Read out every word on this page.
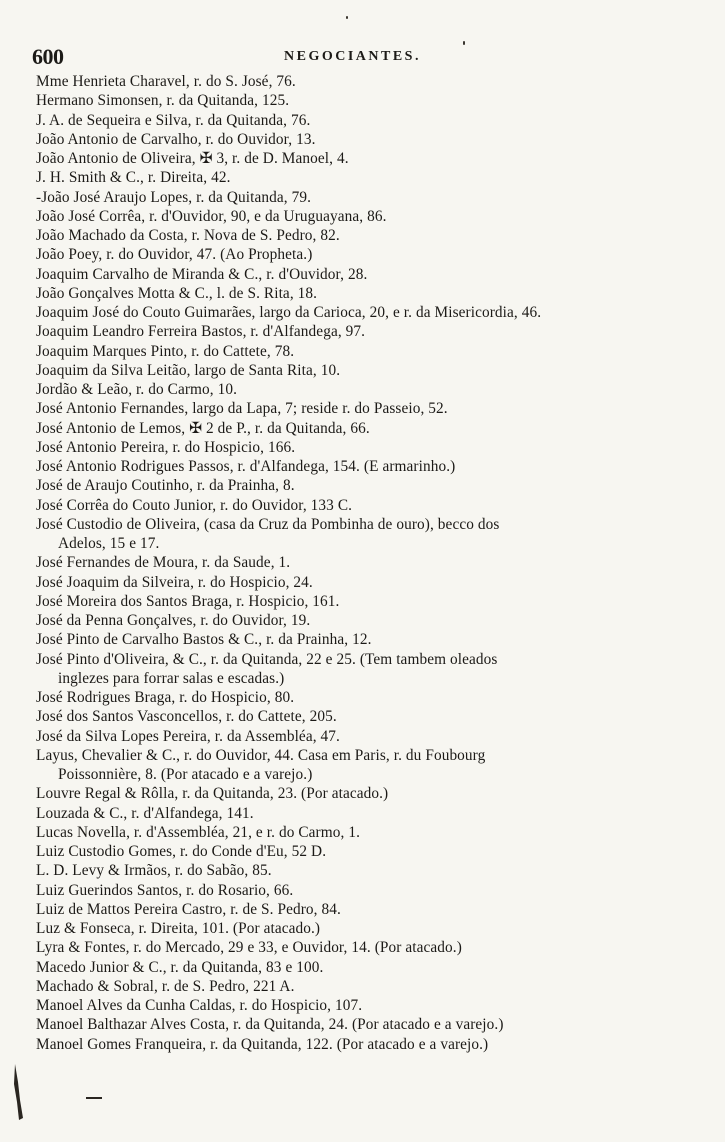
600	NEGOCIANTES.
Mme Henrieta Charavel, r. do S. José, 76.
Hermano Simonsen, r. da Quitanda, 125.
J. A. de Sequeira e Silva, r. da Quitanda, 76.
João Antonio de Carvalho, r. do Ouvidor, 13.
João Antonio de Oliveira, ✠ 3, r. de D. Manoel, 4.
J. H. Smith & C., r. Direita, 42.
-João José Araujo Lopes, r. da Quitanda, 79.
João José Corrêa, r. d'Ouvidor, 90, e da Uruguayana, 86.
João Machado da Costa, r. Nova de S. Pedro, 82.
João Poey, r. do Ouvidor, 47. (Ao Propheta.)
Joaquim Carvalho de Miranda & C., r. d'Ouvidor, 28.
João Gonçalves Motta & C., l. de S. Rita, 18.
Joaquim José do Couto Guimarães, largo da Carioca, 20, e r. da Misericordia, 46.
Joaquim Leandro Ferreira Bastos, r. d'Alfandega, 97.
Joaquim Marques Pinto, r. do Cattete, 78.
Joaquim da Silva Leitão, largo de Santa Rita, 10.
Jordão & Leão, r. do Carmo, 10.
José Antonio Fernandes, largo da Lapa, 7; reside r. do Passeio, 52.
José Antonio de Lemos, ✠ 2 de P., r. da Quitanda, 66.
José Antonio Pereira, r. do Hospicio, 166.
José Antonio Rodrigues Passos, r. d'Alfandega, 154. (E armarinho.)
José de Araujo Coutinho, r. da Prainha, 8.
José Corrêa do Couto Junior, r. do Ouvidor, 133 C.
José Custodio de Oliveira, (casa da Cruz da Pombinha de ouro), becco dos
Adelos, 15 e 17.
José Fernandes de Moura, r. da Saude, 1.
José Joaquim da Silveira, r. do Hospicio, 24.
José Moreira dos Santos Braga, r. Hospicio, 161.
José da Penna Gonçalves, r. do Ouvidor, 19.
José Pinto de Carvalho Bastos & C., r. da Prainha, 12.
José Pinto d'Oliveira, & C., r. da Quitanda, 22 e 25. (Tem tambem oleados
inglezes para forrar salas e escadas.)
José Rodrigues Braga, r. do Hospicio, 80.
José dos Santos Vasconcellos, r. do Cattete, 205.
José da Silva Lopes Pereira, r. da Assembléa, 47.
Layus, Chevalier & C., r. do Ouvidor, 44. Casa em Paris, r. du Foubourg
Poissonnière, 8. (Por atacado e a varejo.)
Louvre Regal & Rôlla, r. da Quitanda, 23. (Por atacado.)
Louzada & C., r. d'Alfandega, 141.
Lucas Novella, r. d'Assembléa, 21, e r. do Carmo, 1.
Luiz Custodio Gomes, r. do Conde d'Eu, 52 D.
L. D. Levy & Irmãos, r. do Sabão, 85.
Luiz Guerindos Santos, r. do Rosario, 66.
Luiz de Mattos Pereira Castro, r. de S. Pedro, 84.
Luz & Fonseca, r. Direita, 101. (Por atacado.)
Lyra & Fontes, r. do Mercado, 29 e 33, e Ouvidor, 14. (Por atacado.)
Macedo Junior & C., r. da Quitanda, 83 e 100.
Machado & Sobral, r. de S. Pedro, 221 A.
Manoel Alves da Cunha Caldas, r. do Hospicio, 107.
Manoel Balthazar Alves Costa, r. da Quitanda, 24. (Por atacado e a varejo.)
Manoel Gomes Franqueira, r. da Quitanda, 122. (Por atacado e a varejo.)
